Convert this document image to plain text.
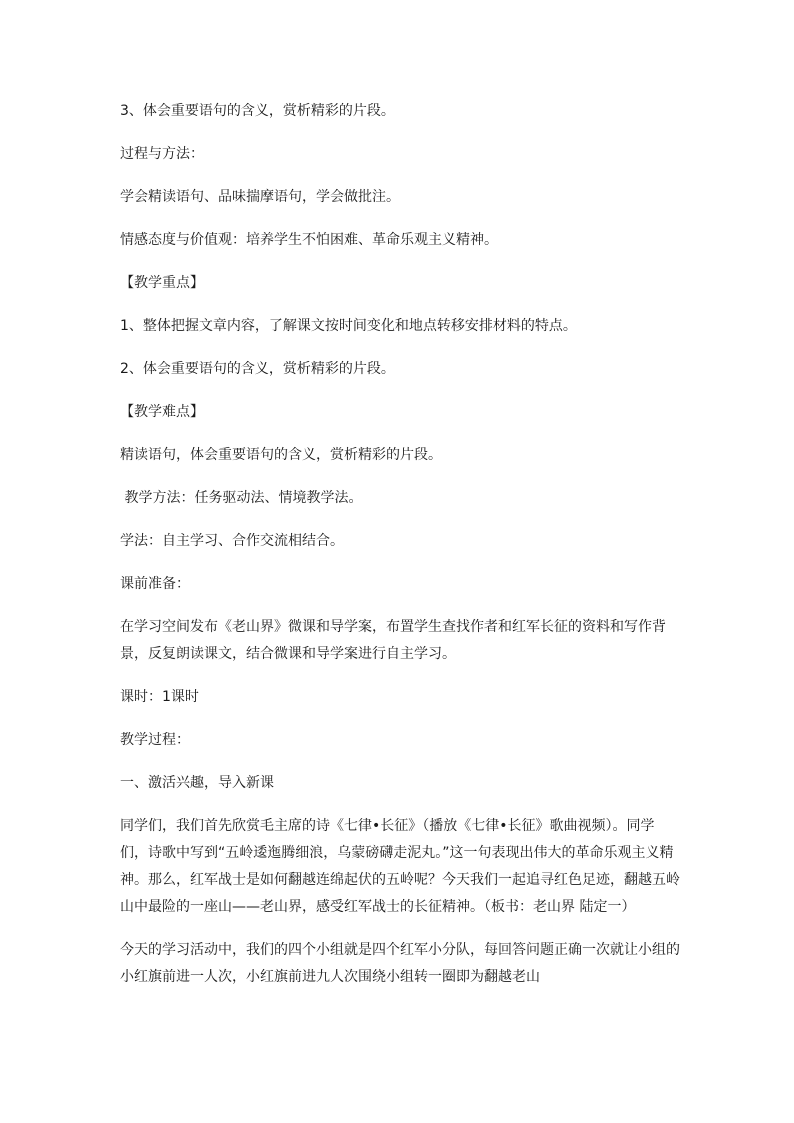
3、体会重要语句的含义，赏析精彩的片段。

过程与方法：

学会精读语句、品味揣摩语句，学会做批注。

情感态度与价值观：培养学生不怕困难、革命乐观主义精神。

【教学重点】

1、整体把握文章内容，了解课文按时间变化和地点转移安排材料的特点。

2、体会重要语句的含义，赏析精彩的片段。

【教学难点】

精读语句，体会重要语句的含义，赏析精彩的片段。

教学方法：任务驱动法、情境教学法。

学法：自主学习、合作交流相结合。

课前准备：

在学习空间发布《老山界》微课和导学案，布置学生查找作者和红军长征的资料和写作背景，反复朗读课文，结合微课和导学案进行自主学习。

课时：1课时

教学过程：

一、激活兴趣，导入新课

同学们，我们首先欣赏毛主席的诗《七律•长征》（播放《七律•长征》歌曲视频）。同学们，诗歌中写到“五岭逶迤腾细浪，乌蒙磅礴走泥丸。”这一句表现出伟大的革命乐观主义精神。那么，红军战士是如何翻越连绵起伏的五岭呢？今天我们一起追寻红色足迹，翻越五岭山中最险的一座山——老山界，感受红军战士的长征精神。（板书：老山界 陆定一）

今天的学习活动中，我们的四个小组就是四个红军小分队，每回答问题正确一次就让小组的小红旗前进一人次，小红旗前进九人次围绕小组转一圈即为翻越老山
